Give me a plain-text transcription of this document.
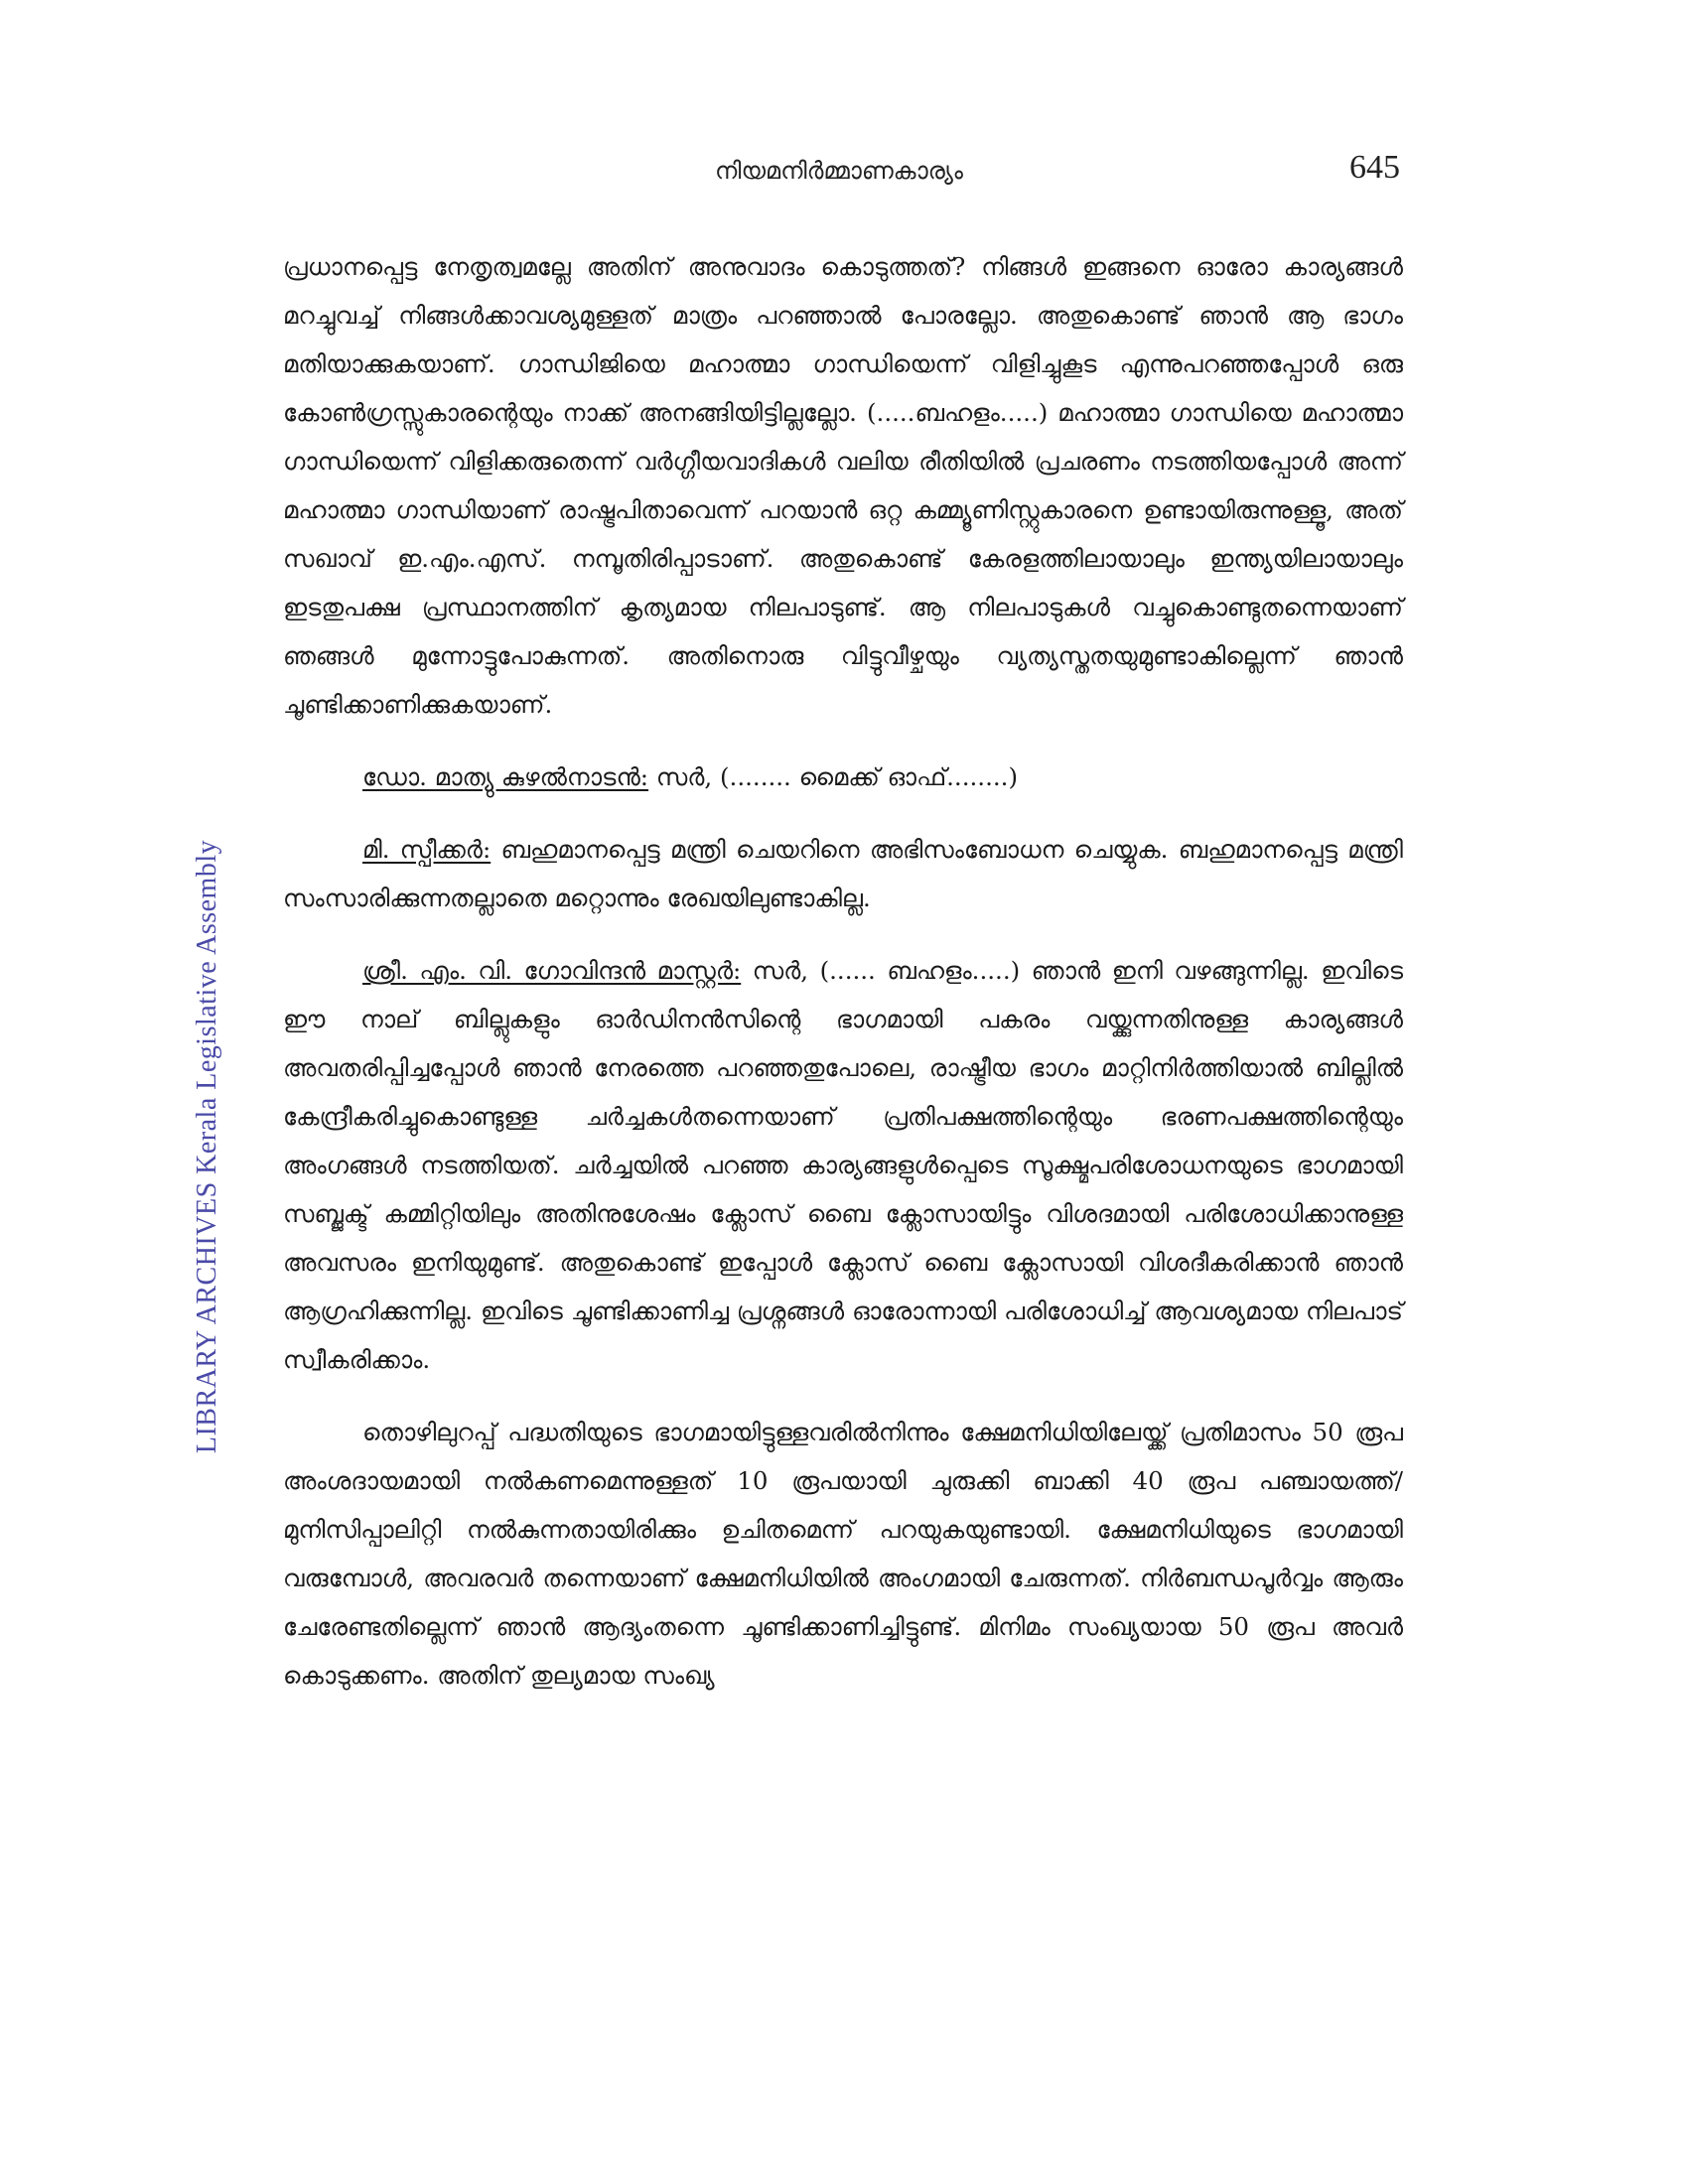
നിയമനിർമ്മാണകാര്യം	645
LIBRARY ARCHIVES Kerala Legislative Assembly

പ്രധാനപ്പെട്ട നേതൃത്വമല്ലേ അതിന് അനുവാദം കൊടുത്തത്? നിങ്ങൾ ഇങ്ങനെ ഓരോ കാര്യങ്ങൾ മറച്ചുവച്ച് നിങ്ങൾക്കാവശ്യമുള്ളത് മാത്രം പറഞ്ഞാൽ പോരല്ലോ. അതുകൊണ്ട് ഞാൻ ആ ഭാഗം മതിയാക്കുകയാണ്. ഗാന്ധിജിയെ മഹാത്മാ ഗാന്ധിയെന്ന് വിളിച്ചുകൂട എന്നുപറഞ്ഞപ്പോൾ ഒരു കോൺഗ്രസ്സുകാരന്റെയും നാക്ക് അനങ്ങിയിട്ടില്ലല്ലോ. (.....ബഹളം.....) മഹാത്മാ ഗാന്ധിയെ മഹാത്മാ ഗാന്ധിയെന്ന് വിളിക്കരുതെന്ന് വർഗ്ഗീയവാദികൾ വലിയ രീതിയിൽ പ്രചരണം നടത്തിയപ്പോൾ അന്ന് മഹാത്മാ ഗാന്ധിയാണ് രാഷ്ട്രപിതാവെന്ന് പറയാൻ ഒറ്റ കമ്മ്യൂണിസ്റ്റുകാരനെ ഉണ്ടായിരുന്നുള്ളൂ, അത് സഖാവ് ഇ.എം.എസ്. നമ്പൂതിരിപ്പാടാണ്. അതുകൊണ്ട് കേരളത്തിലായാലും ഇന്ത്യയിലായാലും ഇടതുപക്ഷ പ്രസ്ഥാനത്തിന് കൃത്യമായ നിലപാടുണ്ട്. ആ നിലപാടുകൾ വച്ചുകൊണ്ടുതന്നെയാണ് ഞങ്ങൾ മുന്നോട്ടുപോകുന്നത്. അതിനൊരു വിട്ടുവീഴ്ചയും വ്യത്യസ്തതയുമുണ്ടാകില്ലെന്ന് ഞാൻ ചൂണ്ടിക്കാണിക്കുകയാണ്.

ഡോ. മാത്യു കുഴൽനാടൻ: സർ, (........ മൈക്ക് ഓഫ്........)

മി. സ്പീക്കർ: ബഹുമാനപ്പെട്ട മന്ത്രി ചെയറിനെ അഭിസംബോധന ചെയ്യുക. ബഹുമാനപ്പെട്ട മന്ത്രി സംസാരിക്കുന്നതല്ലാതെ മറ്റൊന്നും രേഖയിലുണ്ടാകില്ല.

ശ്രീ. എം. വി. ഗോവിന്ദൻ മാസ്റ്റർ: സർ, (...... ബഹളം.....) ഞാൻ ഇനി വഴങ്ങുന്നില്ല. ഇവിടെ ഈ നാല് ബില്ലുകളും ഓർഡിനൻസിന്റെ ഭാഗമായി പകരം വയ്ക്കുന്നതിനുള്ള കാര്യങ്ങൾ അവതരിപ്പിച്ചപ്പോൾ ഞാൻ നേരത്തെ പറഞ്ഞതുപോലെ, രാഷ്ട്രീയ ഭാഗം മാറ്റിനിർത്തിയാൽ ബില്ലിൽ കേന്ദ്രീകരിച്ചുകൊണ്ടുള്ള ചർച്ചകൾതന്നെയാണ് പ്രതിപക്ഷത്തിന്റെയും ഭരണപക്ഷത്തിന്റെയും അംഗങ്ങൾ നടത്തിയത്. ചർച്ചയിൽ പറഞ്ഞ കാര്യങ്ങളുൾപ്പെടെ സൂക്ഷ്മപരിശോധനയുടെ ഭാഗമായി സബ്ജക്ട് കമ്മിറ്റിയിലും അതിനുശേഷം ക്ലോസ് ബൈ ക്ലോസായിട്ടും വിശദമായി പരിശോധിക്കാനുള്ള അവസരം ഇനിയുമുണ്ട്. അതുകൊണ്ട് ഇപ്പോൾ ക്ലോസ് ബൈ ക്ലോസായി വിശദീകരിക്കാൻ ഞാൻ ആഗ്രഹിക്കുന്നില്ല. ഇവിടെ ചൂണ്ടിക്കാണിച്ച പ്രശ്നങ്ങൾ ഓരോന്നായി പരിശോധിച്ച് ആവശ്യമായ നിലപാട് സ്വീകരിക്കാം.

തൊഴിലുറപ്പ് പദ്ധതിയുടെ ഭാഗമായിട്ടുള്ളവരിൽനിന്നും ക്ഷേമനിധിയിലേയ്ക്ക് പ്രതിമാസം 50 രൂപ അംശദായമായി നൽകണമെന്നുള്ളത് 10 രൂപയായി ചുരുക്കി ബാക്കി 40 രൂപ പഞ്ചായത്ത്/മുനിസിപ്പാലിറ്റി നൽകുന്നതായിരിക്കും ഉചിതമെന്ന് പറയുകയുണ്ടായി. ക്ഷേമനിധിയുടെ ഭാഗമായി വരുമ്പോൾ, അവരവർ തന്നെയാണ് ക്ഷേമനിധിയിൽ അംഗമായി ചേരുന്നത്. നിർബന്ധപൂർവ്വം ആരും ചേരേണ്ടതില്ലെന്ന് ഞാൻ ആദ്യംതന്നെ ചൂണ്ടിക്കാണിച്ചിട്ടുണ്ട്. മിനിമം സംഖ്യയായ 50 രൂപ അവർ കൊടുക്കണം. അതിന് തുല്യമായ സംഖ്യ
